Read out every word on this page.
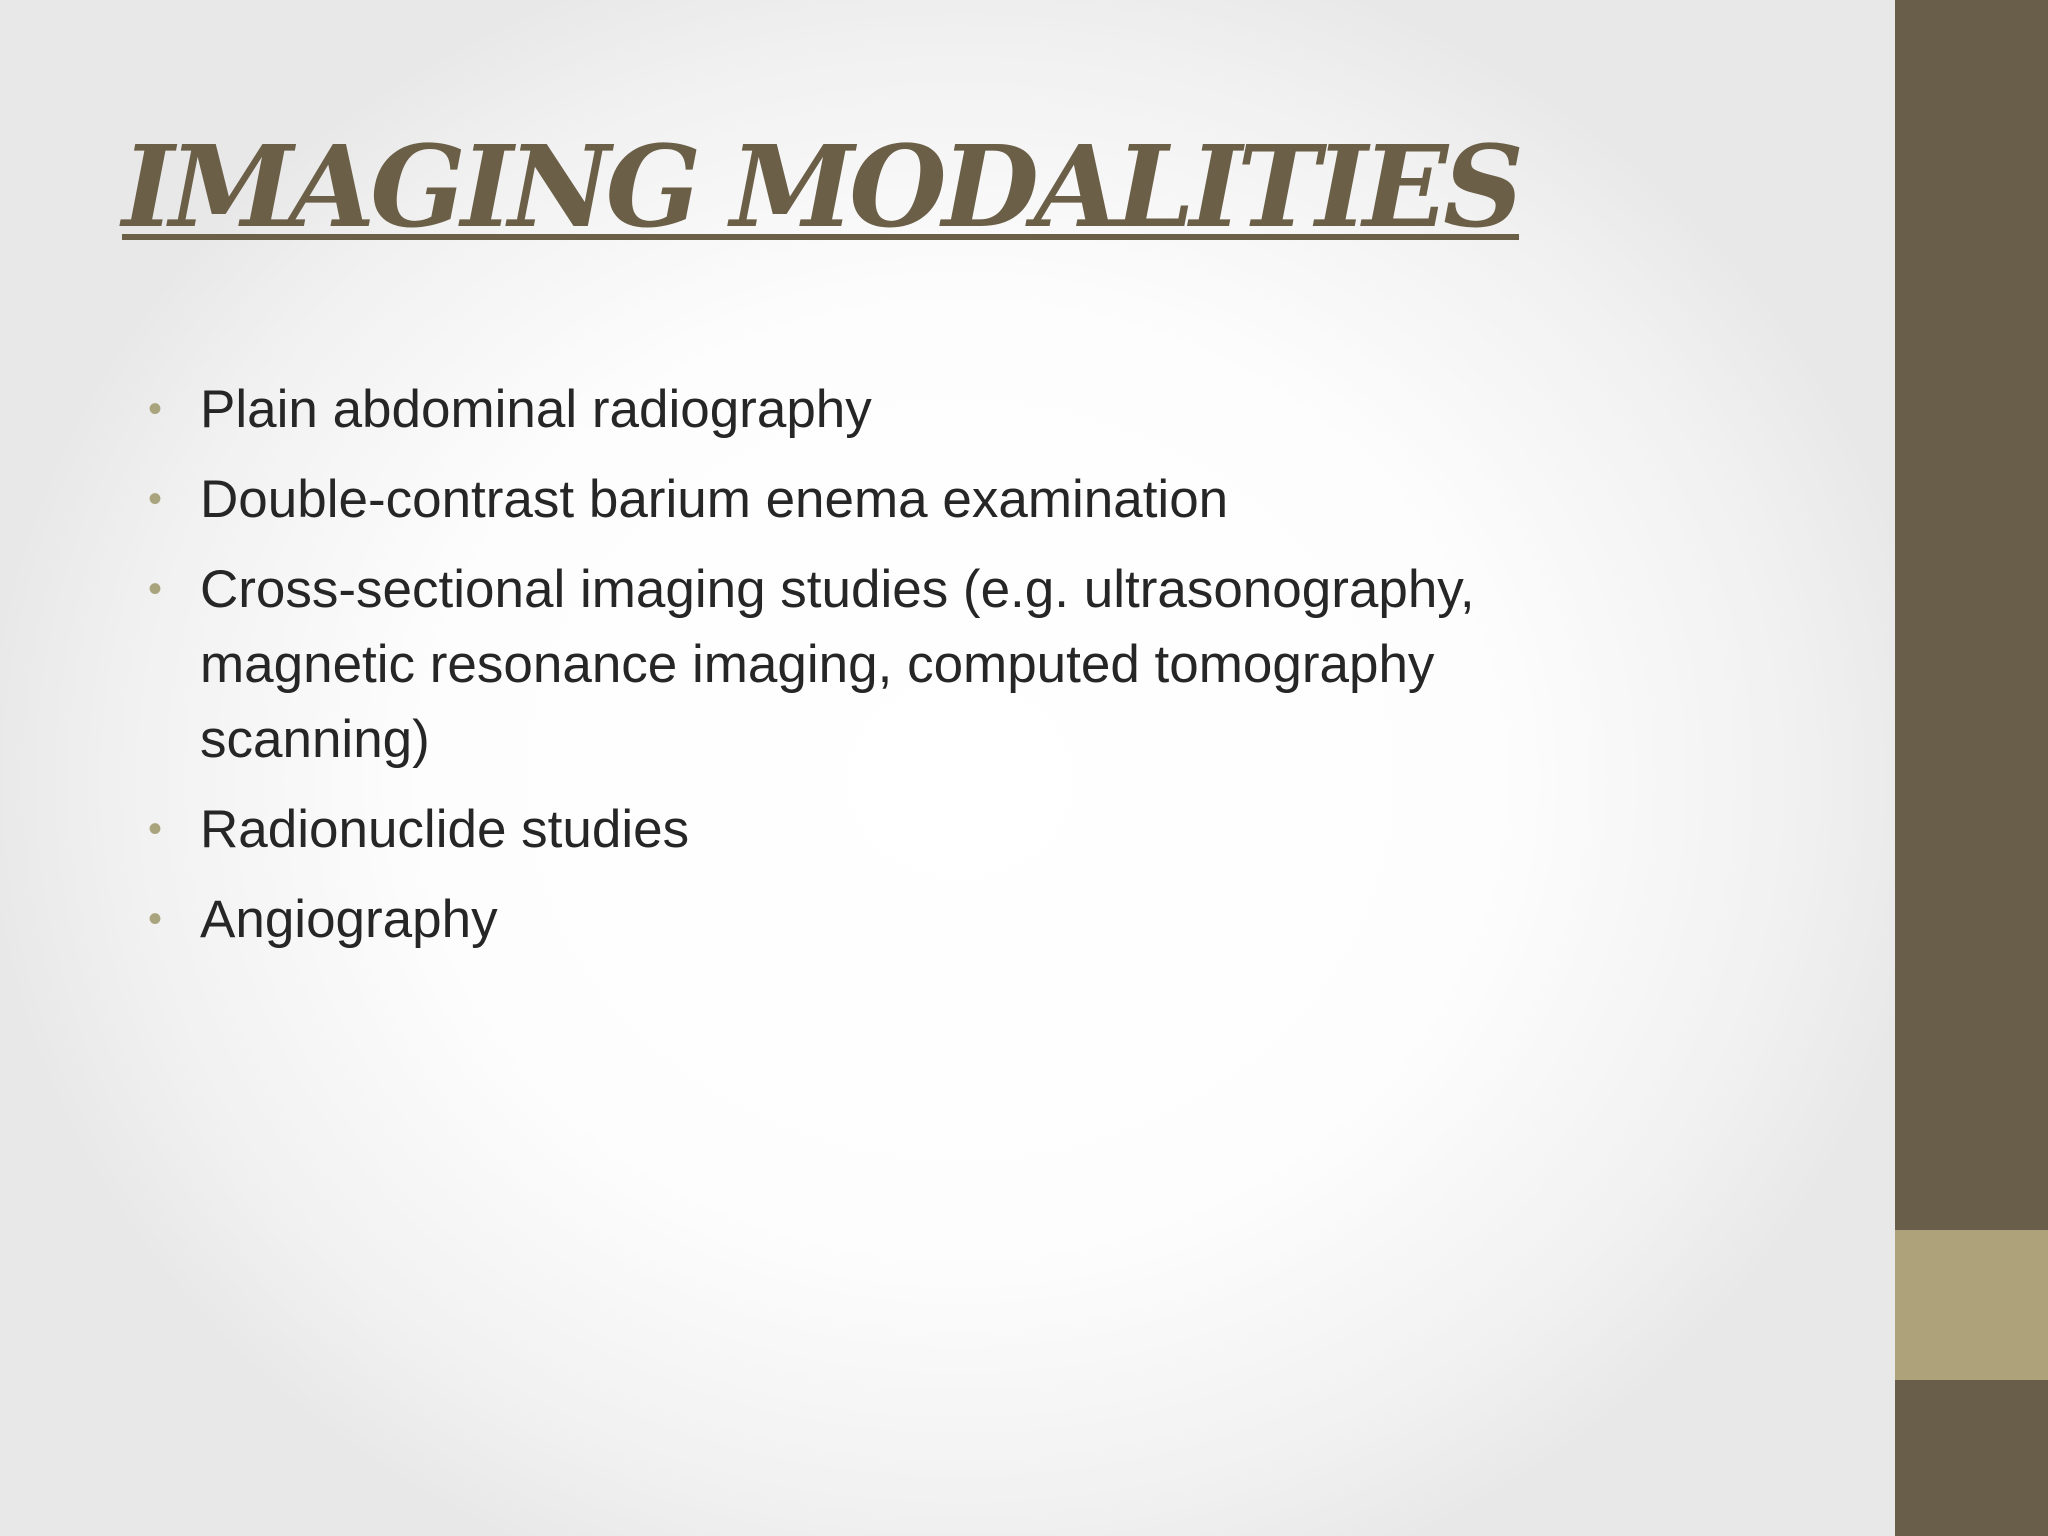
IMAGING MODALITIES
• Plain abdominal radiography
• Double-contrast barium enema examination
• Cross-sectional imaging studies (e.g. ultrasonography, magnetic resonance imaging, computed tomography scanning)
• Radionuclide studies
• Angiography
